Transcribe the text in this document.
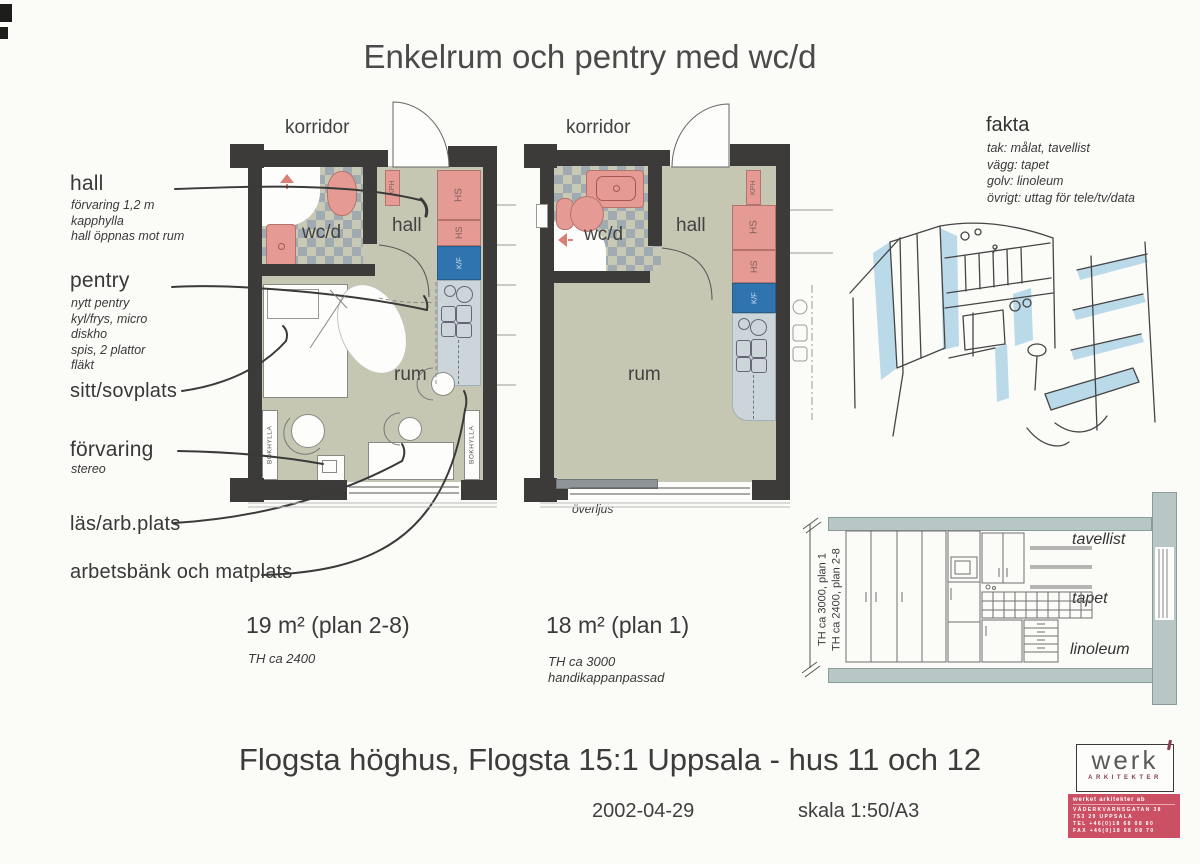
Enkelrum och pentry med wc/d
hall
förvaring 1,2 m
kapphylla
hall öppnas mot rum
pentry
nytt pentry
kyl/frys, micro
diskho
spis, 2 plattor
fläkt
sitt/sovplats
förvaring
stereo
läs/arb.plats
arbetsbänk och matplats
korridor
KPH
wc/d	hall
HS
HS
K/F
BOKHYLLA	BOKHYLLA
rum
19 m² (plan 2-8)
TH ca 2400
korridor
wc/d	hall
KPH
HS
HS
K/F
rum
överljus
18 m² (plan 1)
TH ca 3000
handikappanpassad
fakta
tak: målat, tavellist
vägg: tapet
golv: linoleum
övrigt: uttag för tele/tv/data
TH ca 3000, plan 1 TH ca 2400, plan 2-8
tavellist
tapet
linoleum
Flogsta höghus, Flogsta 15:1 Uppsala - hus 11 och 12
2002-04-29	skala 1:50/A3
werk
ARKITEKTER
werket arkitekter ab
VÄDERKVARNSGATAN 38
753 29 UPPSALA
TEL +46(0)18 68 08 80
FAX +46(0)18 68 08 70
